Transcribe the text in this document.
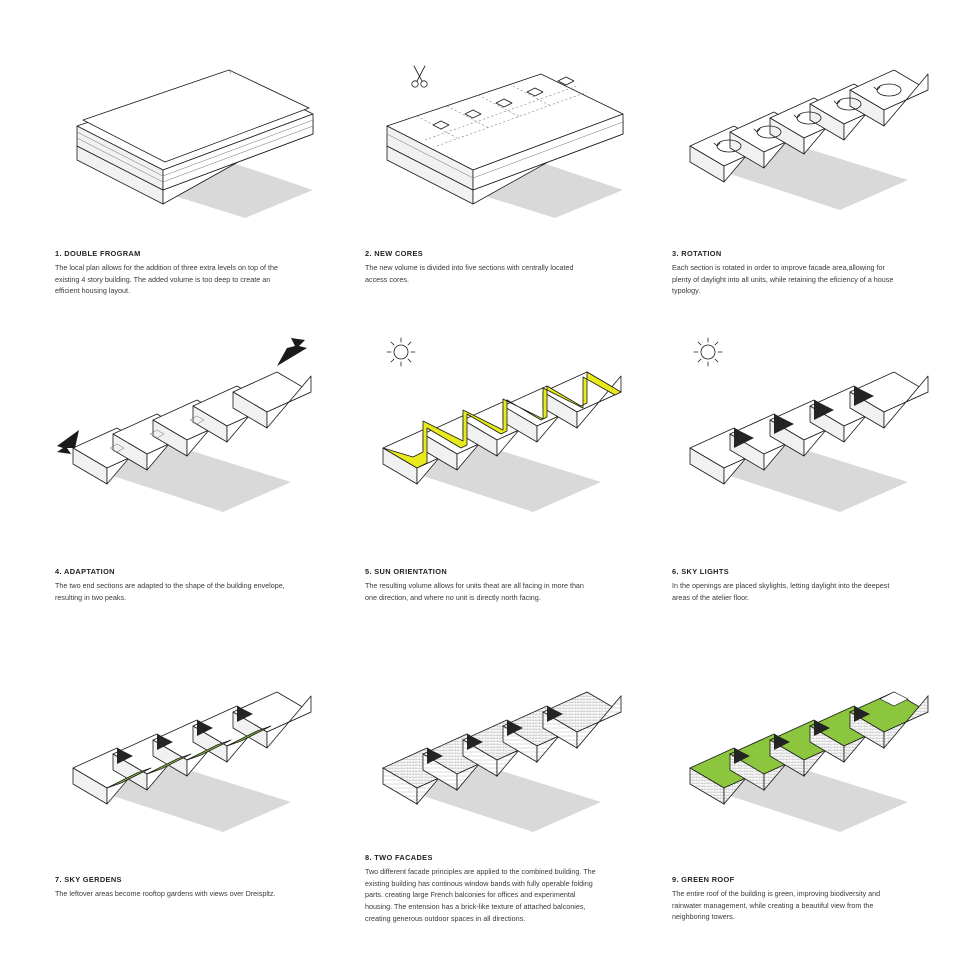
1. DOUBLE FROGRAM

The local plan allows for the addition of three extra levels on top of the existing 4 story building. The added volume is too deep to create an efficient housing layout.

2. NEW CORES

The new volume is divided into five sections with centrally located access cores.

3. ROTATION

Each section is rotated in order to improve facade area,allowing for plenty of daylight into all units, while retaining the eficiency of a house typology.

4. ADAPTATION

The two end sections are adapted to the shape of the building envelope, resulting in two peaks.

5. SUN ORIENTATION

The resulting volume allows for units theat are all facing in more than one direction, and where no unit is directly north facing.

6. SKY LIGHTS

In the openings are placed skylights, letting daylight into the deepest areas of the atelier floor.

7. SKY GERDENS

The leftover areas become rooftop gardens with views over Dreispltz.

8. TWO FACADES

Two different facade principles are applied to the combined building. The existing building has continous window bands with fully operable folding parts. creating large French balconies for offices and experimental housing. The entension has a brick-like texture of attached balconies, creating generous outdoor spaces in all directions.

9. GREEN ROOF

The entire roof of the building is green, improving biodiversity and rainwater management, while creating a beautiful view from the neighboring towers.
